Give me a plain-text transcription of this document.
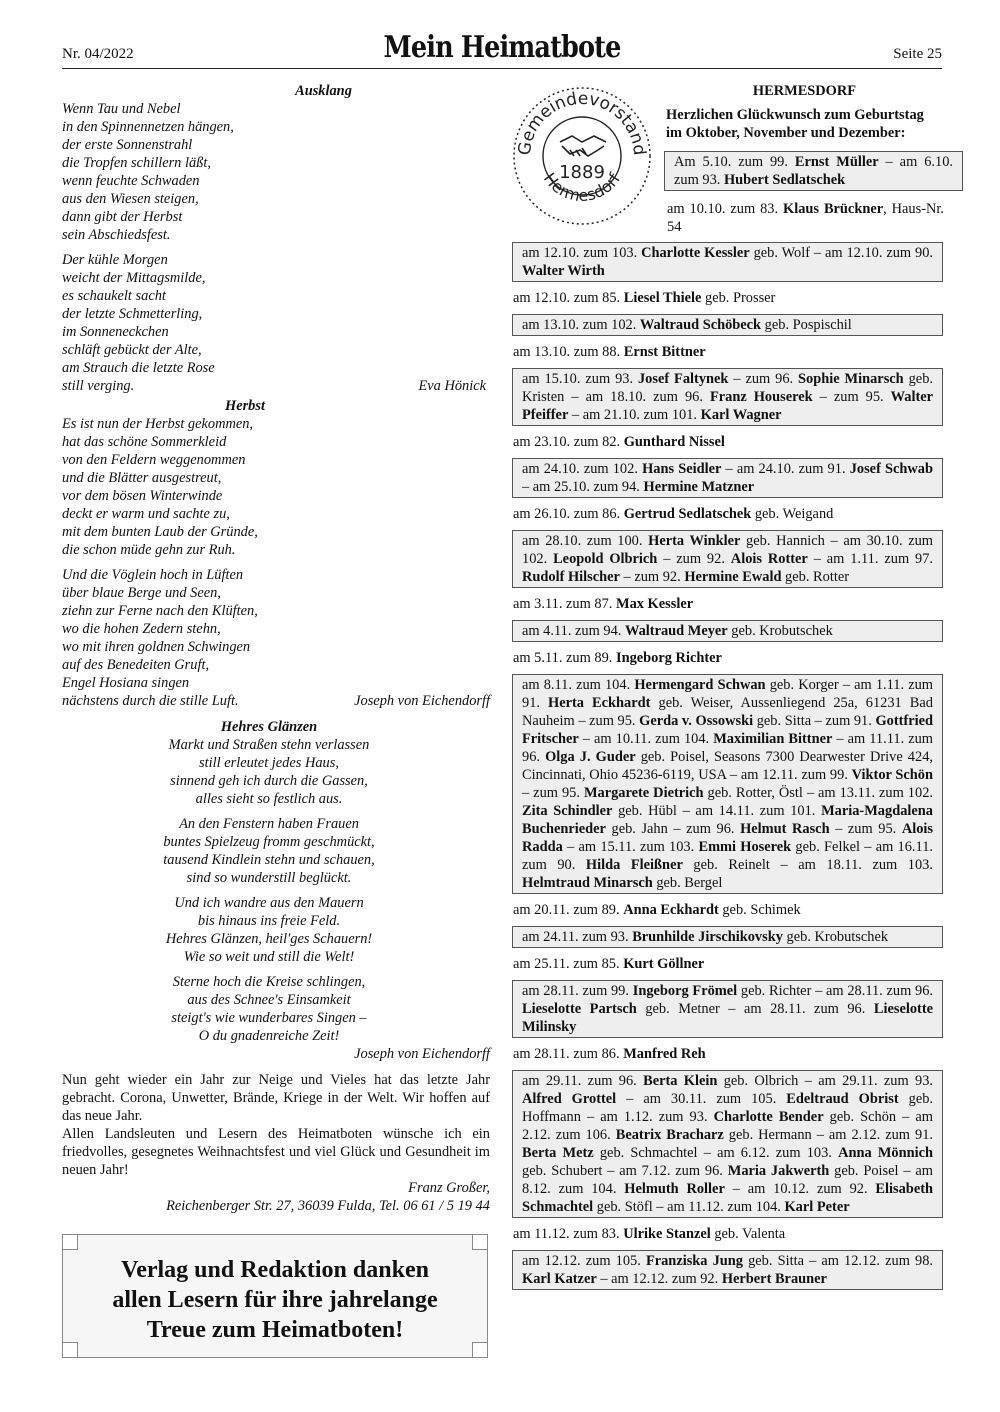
Nr. 04/2022	Mein Heimatbote	Seite 25
Ausklang
Wenn Tau und Nebel
in den Spinnennetzen hängen,
der erste Sonnenstrahl
die Tropfen schillern läßt,
wenn feuchte Schwaden
aus den Wiesen steigen,
dann gibt der Herbst
sein Abschiedsfest.
Der kühle Morgen
weicht der Mittagsmilde,
es schaukelt sacht
der letzte Schmetterling,
im Sonneneckchen
schläft gebückt der Alte,
am Strauch die letzte Rose
still verging.	Eva Hönick
Herbst
Es ist nun der Herbst gekommen,
hat das schöne Sommerkleid
von den Feldern weggenommen
und die Blätter ausgestreut,
vor dem bösen Winterwinde
deckt er warm und sachte zu,
mit dem bunten Laub der Gründe,
die schon müde gehn zur Ruh.
Und die Vöglein hoch in Lüften
über blaue Berge und Seen,
ziehn zur Ferne nach den Klüften,
wo die hohen Zedern stehn,
wo mit ihren goldnen Schwingen
auf des Benedeiten Gruft,
Engel Hosiana singen
nächstens durch die stille Luft.	Joseph von Eichendorff
Hehres Glänzen
Markt und Straßen stehn verlassen
still erleutet jedes Haus,
sinnend geh ich durch die Gassen,
alles sieht so festlich aus.
An den Fenstern haben Frauen
buntes Spielzeug fromm geschmückt,
tausend Kindlein stehn und schauen,
sind so wunderstill beglückt.
Und ich wandre aus den Mauern
bis hinaus ins freie Feld.
Hehres Glänzen, heil'ges Schauern!
Wie so weit und still die Welt!
Sterne hoch die Kreise schlingen,
aus des Schnee's Einsamkeit
steigt's wie wunderbares Singen –
O du gnadenreiche Zeit!
Joseph von Eichendorff

Nun geht wieder ein Jahr zur Neige und Vieles hat das letzte Jahr gebracht. Corona, Unwetter, Brände, Kriege in der Welt. Wir hoffen auf das neue Jahr.

Allen Landsleuten und Lesern des Heimatboten wünsche ich ein friedvolles, gesegnetes Weihnachtsfest und viel Glück und Gesundheit im neuen Jahr!

Franz Großer,
Reichenberger Str. 27, 36039 Fulda, Tel. 06 61 / 5 19 44
Verlag und Redaktion danken
allen Lesern für ihre jahrelange
Treue zum Heimatboten!
Gemeindevorstand
Hermesdorf
1889
HERMESDORF
Herzlichen Glückwunsch zum Geburtstag im Oktober, November und Dezember:
Am 5.10. zum 99. Ernst Müller – am 6.10. zum 93. Hubert Sedlatschek
am 10.10. zum 83. Klaus Brückner, Haus-Nr. 54
am 12.10. zum 103. Charlotte Kessler geb. Wolf – am 12.10. zum 90. Walter Wirth
am 12.10. zum 85. Liesel Thiele geb. Prosser
am 13.10. zum 102. Waltraud Schöbeck geb. Pospischil
am 13.10. zum 88. Ernst Bittner
am 15.10. zum 93. Josef Faltynek – zum 96. Sophie Minarsch geb. Kristen – am 18.10. zum 96. Franz Houserek – zum 95. Walter Pfeiffer – am 21.10. zum 101. Karl Wagner
am 23.10. zum 82. Gunthard Nissel
am 24.10. zum 102. Hans Seidler – am 24.10. zum 91. Josef Schwab – am 25.10. zum 94. Hermine Matzner
am 26.10. zum 86. Gertrud Sedlatschek geb. Weigand
am 28.10. zum 100. Herta Winkler geb. Hannich – am 30.10. zum 102. Leopold Olbrich – zum 92. Alois Rotter – am 1.11. zum 97. Rudolf Hilscher – zum 92. Hermine Ewald geb. Rotter
am 3.11. zum 87. Max Kessler
am 4.11. zum 94. Waltraud Meyer geb. Krobutschek
am 5.11. zum 89. Ingeborg Richter
am 8.11. zum 104. Hermengard Schwan geb. Korger – am 1.11. zum 91. Herta Eckhardt geb. Weiser, Aussenliegend 25a, 61231 Bad Nauheim – zum 95. Gerda v. Ossowski geb. Sitta – zum 91. Gottfried Fritscher – am 10.11. zum 104. Maximilian Bittner – am 11.11. zum 96. Olga J. Guder geb. Poisel, Seasons 7300 Dearwester Drive 424, Cincinnati, Ohio 45236-6119, USA – am 12.11. zum 99. Viktor Schön – zum 95. Margarete Dietrich geb. Rotter, Östl – am 13.11. zum 102. Zita Schindler geb. Hübl – am 14.11. zum 101. Maria-Magdalena Buchenrieder geb. Jahn – zum 96. Helmut Rasch – zum 95. Alois Radda – am 15.11. zum 103. Emmi Hoserek geb. Felkel – am 16.11. zum 90. Hilda Fleißner geb. Reinelt – am 18.11. zum 103. Helmtraud Minarsch geb. Bergel
am 20.11. zum 89. Anna Eckhardt geb. Schimek
am 24.11. zum 93. Brunhilde Jirschikovsky geb. Krobutschek
am 25.11. zum 85. Kurt Göllner
am 28.11. zum 99. Ingeborg Frömel geb. Richter – am 28.11. zum 96. Lieselotte Partsch geb. Metner – am 28.11. zum 96. Lieselotte Milinsky
am 28.11. zum 86. Manfred Reh
am 29.11. zum 96. Berta Klein geb. Olbrich – am 29.11. zum 93. Alfred Grottel – am 30.11. zum 105. Edeltraud Obrist geb. Hoffmann – am 1.12. zum 93. Charlotte Bender geb. Schön – am 2.12. zum 106. Beatrix Bracharz geb. Hermann – am 2.12. zum 91. Berta Metz geb. Schmachtel – am 6.12. zum 103. Anna Mönnich geb. Schubert – am 7.12. zum 96. Maria Jakwerth geb. Poisel – am 8.12. zum 104. Helmuth Roller – am 10.12. zum 92. Elisabeth Schmachtel geb. Stöfl – am 11.12. zum 104. Karl Peter
am 11.12. zum 83. Ulrike Stanzel geb. Valenta
am 12.12. zum 105. Franziska Jung geb. Sitta – am 12.12. zum 98. Karl Katzer – am 12.12. zum 92. Herbert Brauner
